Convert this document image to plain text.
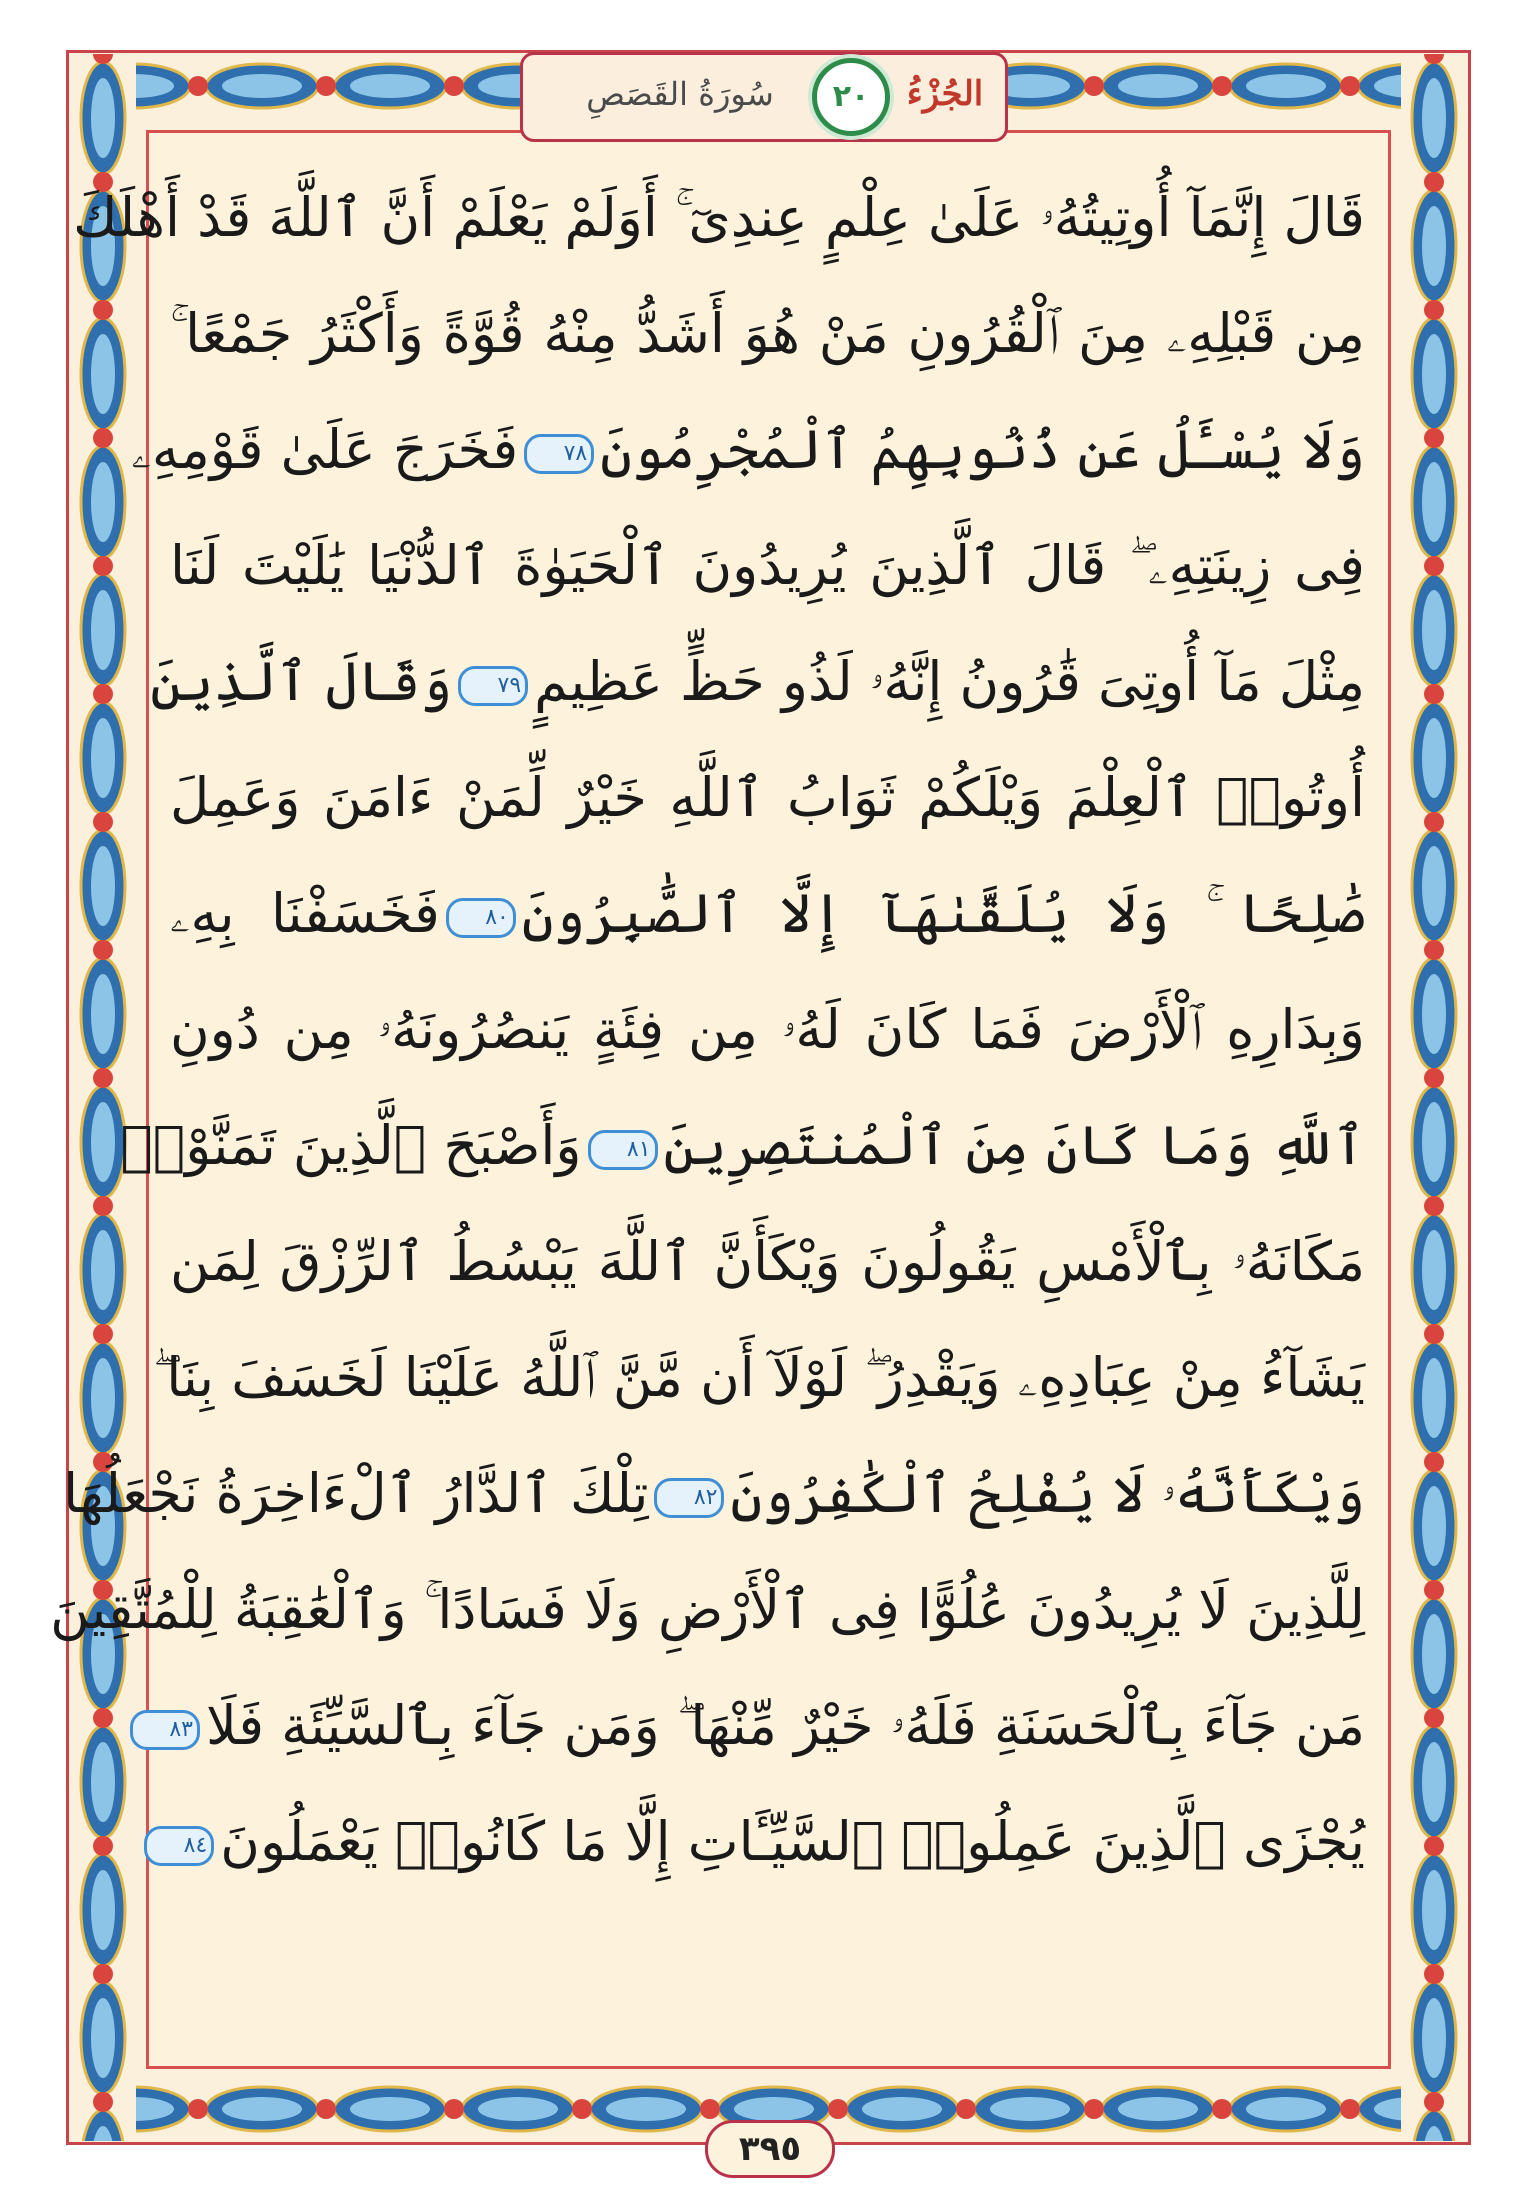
الجُزْءُ
٢٠
سُورَةُ القَصَصِ
قَالَ إِنَّمَآ أُوتِيتُهُۥ عَلَىٰ عِلْمٍ عِندِىٓ ۚ أَوَلَمْ يَعْلَمْ أَنَّ ٱللَّهَ قَدْ أَهْلَكَ
مِن قَبْلِهِۦ مِنَ ٱلْقُرُونِ مَنْ هُوَ أَشَدُّ مِنْهُ قُوَّةً وَأَكْثَرُ جَمْعًا ۚ
وَلَا يُسْـَٔلُ عَن ذُنُوبِهِمُ ٱلْمُجْرِمُونَ٧٨فَخَرَجَ عَلَىٰ قَوْمِهِۦ
فِى زِينَتِهِۦ ۖ قَالَ ٱلَّذِينَ يُرِيدُونَ ٱلْحَيَوٰةَ ٱلدُّنْيَا يَٰلَيْتَ لَنَا
مِثْلَ مَآ أُوتِىَ قَٰرُونُ إِنَّهُۥ لَذُو حَظٍّ عَظِيمٍ٧٩وَقَالَ ٱلَّذِينَ
أُوتُوا۟ ٱلْعِلْمَ وَيْلَكُمْ ثَوَابُ ٱللَّهِ خَيْرٌ لِّمَنْ ءَامَنَ وَعَمِلَ
صَٰلِحًا ۚ وَلَا يُلَقَّىٰهَآ إِلَّا ٱلصَّٰبِرُونَ٨٠فَخَسَفْنَا بِهِۦ
وَبِدَارِهِ ٱلْأَرْضَ فَمَا كَانَ لَهُۥ مِن فِئَةٍ يَنصُرُونَهُۥ مِن دُونِ
ٱللَّهِ وَمَا كَانَ مِنَ ٱلْمُنتَصِرِينَ٨١وَأَصْبَحَ ٱلَّذِينَ تَمَنَّوْا۟
مَكَانَهُۥ بِٱلْأَمْسِ يَقُولُونَ وَيْكَأَنَّ ٱللَّهَ يَبْسُطُ ٱلرِّزْقَ لِمَن
يَشَآءُ مِنْ عِبَادِهِۦ وَيَقْدِرُ ۖ لَوْلَآ أَن مَّنَّ ٱللَّهُ عَلَيْنَا لَخَسَفَ بِنَا ۖ
وَيْكَأَنَّهُۥ لَا يُفْلِحُ ٱلْكَٰفِرُونَ٨٢تِلْكَ ٱلدَّارُ ٱلْءَاخِرَةُ نَجْعَلُهَا
لِلَّذِينَ لَا يُرِيدُونَ عُلُوًّا فِى ٱلْأَرْضِ وَلَا فَسَادًا ۚ وَٱلْعَٰقِبَةُ لِلْمُتَّقِينَ
مَن جَآءَ بِٱلْحَسَنَةِ فَلَهُۥ خَيْرٌ مِّنْهَا ۖ وَمَن جَآءَ بِٱلسَّيِّئَةِ فَلَا٨٣
يُجْزَى ٱلَّذِينَ عَمِلُوا۟ ٱلسَّيِّـَٔاتِ إِلَّا مَا كَانُوا۟ يَعْمَلُونَ٨٤
٣٩٥
